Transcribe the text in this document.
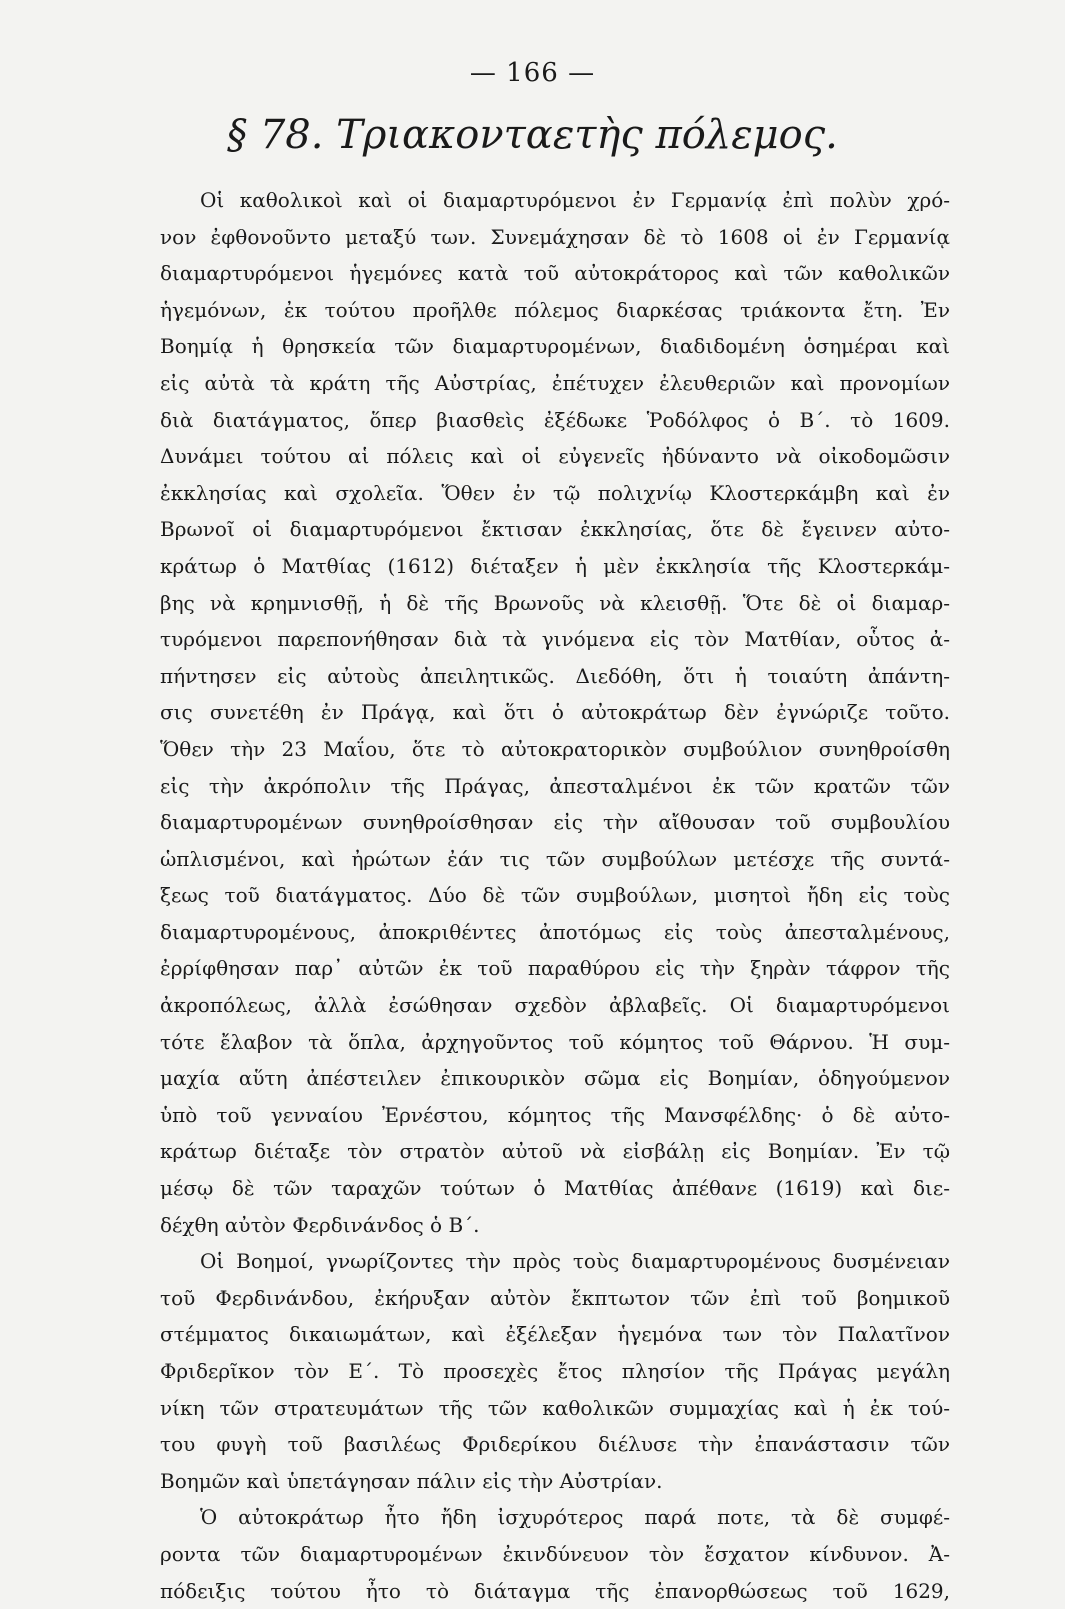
— 166 —
§ 78. Τριακονταετὴς πόλεμος.
Οἱ καθολικοὶ καὶ οἱ διαμαρτυρόμενοι ἐν Γερμανίᾳ ἐπὶ πολὺν χρό-
νον ἐφθονοῦντο μεταξύ των. Συνεμάχησαν δὲ τὸ 1608 οἱ ἐν Γερμανίᾳ
διαμαρτυρόμενοι ἡγεμόνες κατὰ τοῦ αὐτοκράτορος καὶ τῶν καθολικῶν
ἡγεμόνων, ἐκ τούτου προῆλθε πόλεμος διαρκέσας τριάκοντα ἔτη. Ἐν
Βοημίᾳ ἡ θρησκεία τῶν διαμαρτυρομένων, διαδιδομένη ὁσημέραι καὶ
εἰς αὐτὰ τὰ κράτη τῆς Αὐστρίας, ἐπέτυχεν ἐλευθεριῶν καὶ προνομίων
διὰ διατάγματος, ὅπερ βιασθεὶς ἐξέδωκε Ῥοδόλφος ὁ Β΄. τὸ 1609.
Δυνάμει τούτου αἱ πόλεις καὶ οἱ εὐγενεῖς ἠδύναντο νὰ οἰκοδομῶσιν
ἐκκλησίας καὶ σχολεῖα. Ὅθεν ἐν τῷ πολιχνίῳ Κλοστερκάμβη καὶ ἐν
Βρωνοῖ οἱ διαμαρτυρόμενοι ἔκτισαν ἐκκλησίας, ὅτε δὲ ἔγεινεν αὐτο-
κράτωρ ὁ Ματθίας (1612) διέταξεν ἡ μὲν ἐκκλησία τῆς Κλοστερκάμ-
βης νὰ κρημνισθῇ, ἡ δὲ τῆς Βρωνοῦς νὰ κλεισθῇ. Ὅτε δὲ οἱ διαμαρ-
τυρόμενοι παρεπονήθησαν διὰ τὰ γινόμενα εἰς τὸν Ματθίαν, οὗτος ἀ-
πήντησεν εἰς αὐτοὺς ἀπειλητικῶς. Διεδόθη, ὅτι ἡ τοιαύτη ἀπάντη-
σις συνετέθη ἐν Πράγᾳ, καὶ ὅτι ὁ αὐτοκράτωρ δὲν ἐγνώριζε τοῦτο.
Ὅθεν τὴν 23 Μαΐου, ὅτε τὸ αὐτοκρατορικὸν συμβούλιον συνηθροίσθη
εἰς τὴν ἀκρόπολιν τῆς Πράγας, ἀπεσταλμένοι ἐκ τῶν κρατῶν τῶν
διαμαρτυρομένων συνηθροίσθησαν εἰς τὴν αἴθουσαν τοῦ συμβουλίου
ὡπλισμένοι, καὶ ἠρώτων ἐάν τις τῶν συμβούλων μετέσχε τῆς συντά-
ξεως τοῦ διατάγματος. Δύο δὲ τῶν συμβούλων, μισητοὶ ἤδη εἰς τοὺς
διαμαρτυρομένους, ἀποκριθέντες ἀποτόμως εἰς τοὺς ἀπεσταλμένους,
ἐρρίφθησαν παρ᾽ αὐτῶν ἐκ τοῦ παραθύρου εἰς τὴν ξηρὰν τάφρον τῆς
ἀκροπόλεως, ἀλλὰ ἐσώθησαν σχεδὸν ἀβλαβεῖς. Οἱ διαμαρτυρόμενοι
τότε ἔλαβον τὰ ὅπλα, ἀρχηγοῦντος τοῦ κόμητος τοῦ Θάρνου. Ἡ συμ-
μαχία αὕτη ἀπέστειλεν ἐπικουρικὸν σῶμα εἰς Βοημίαν, ὁδηγούμενον
ὑπὸ τοῦ γενναίου Ἐρνέστου, κόμητος τῆς Μανσφέλδης· ὁ δὲ αὐτο-
κράτωρ διέταξε τὸν στρατὸν αὐτοῦ νὰ εἰσβάλῃ εἰς Βοημίαν. Ἐν τῷ
μέσῳ δὲ τῶν ταραχῶν τούτων ὁ Ματθίας ἀπέθανε (1619) καὶ διε-
δέχθη αὐτὸν Φερδινάνδος ὁ Β΄.
Οἱ Βοημοί, γνωρίζοντες τὴν πρὸς τοὺς διαμαρτυρομένους δυσμένειαν
τοῦ Φερδινάνδου, ἐκήρυξαν αὐτὸν ἔκπτωτον τῶν ἐπὶ τοῦ βοημικοῦ
στέμματος δικαιωμάτων, καὶ ἐξέλεξαν ἡγεμόνα των τὸν Παλατῖνον
Φριδερῖκον τὸν Ε΄. Τὸ προσεχὲς ἔτος πλησίον τῆς Πράγας μεγάλη
νίκη τῶν στρατευμάτων τῆς τῶν καθολικῶν συμμαχίας καὶ ἡ ἐκ τού-
του φυγὴ τοῦ βασιλέως Φριδερίκου διέλυσε τὴν ἐπανάστασιν τῶν
Βοημῶν καὶ ὑπετάγησαν πάλιν εἰς τὴν Αὐστρίαν.
Ὁ αὐτοκράτωρ ἦτο ἤδη ἰσχυρότερος παρά ποτε, τὰ δὲ συμφέ-
ροντα τῶν διαμαρτυρομένων ἐκινδύνευον τὸν ἔσχατον κίνδυνον. Ἀ-
πόδειξις τούτου ἦτο τὸ διάταγμα τῆς ἐπανορθώσεως τοῦ 1629,
